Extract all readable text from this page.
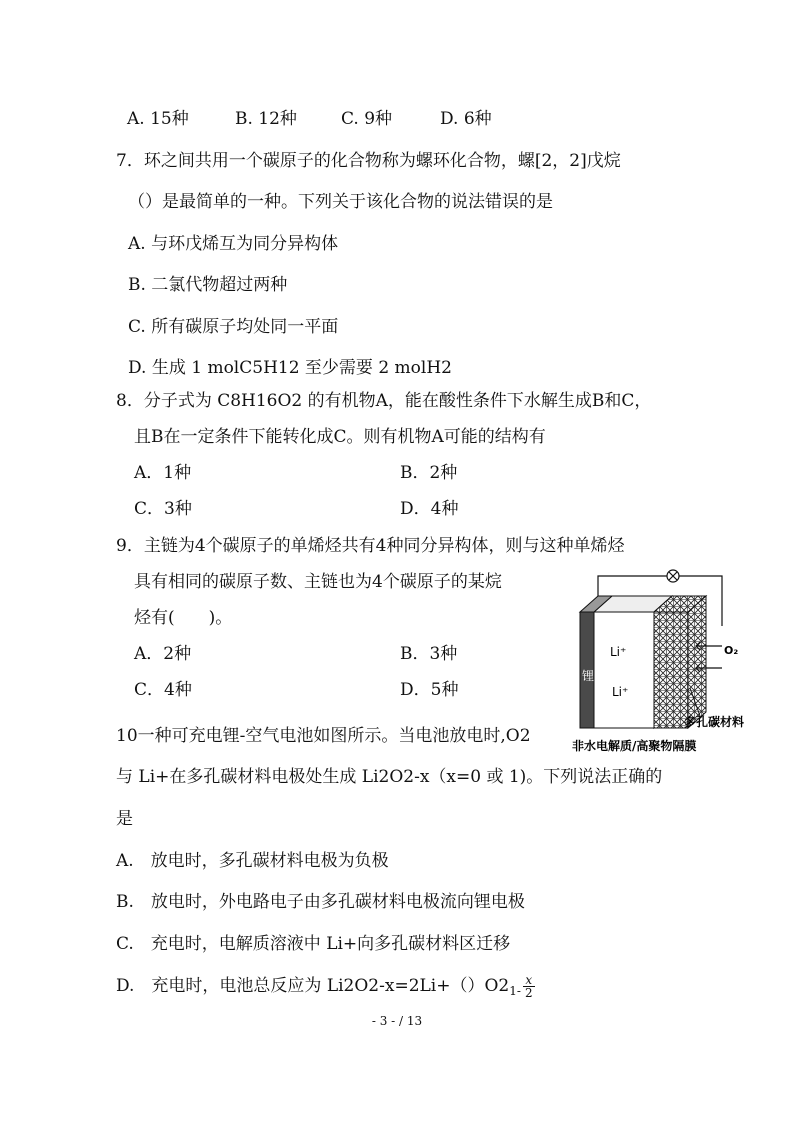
A. 15种	B. 12种	C. 9种	D. 6种
7．环之间共用一个碳原子的化合物称为螺环化合物，螺[2，2]戊烷
（）是最简单的一种。下列关于该化合物的说法错误的是
A. 与环戊烯互为同分异构体
B. 二氯代物超过两种
C. 所有碳原子均处同一平面
D. 生成 1 molC5H12 至少需要 2 molH2
8．分子式为 C8H16O2 的有机物A，能在酸性条件下水解生成B和C，
且B在一定条件下能转化成C。则有机物A可能的结构有
A．1种	B．2种
C．3种	D．4种
9．主链为4个碳原子的单烯烃共有4种同分异构体，则与这种单烯烃
具有相同的碳原子数、主链也为4个碳原子的某烷
烃有(　　)。
A．2种	B．3种
C．4种	D．5种
10一种可充电锂-空气电池如图所示。当电池放电时,O2
与 Li+在多孔碳材料电极处生成 Li2O2-x（x=0 或 1)。下列说法正确的
是
A.　放电时，多孔碳材料电极为负极
B.　放电时，外电路电子由多孔碳材料电极流向锂电极
C.　充电时，电解质溶液中 Li+向多孔碳材料区迁移
D.　充电时，电池总反应为 $Li2O2-x=2Li+()O2_{1-} \frac{x}{2}$
Li⁺
Li⁺
锂
O₂
多孔碳材料
非水电解质/高聚物隔膜
- 3 - / 13
